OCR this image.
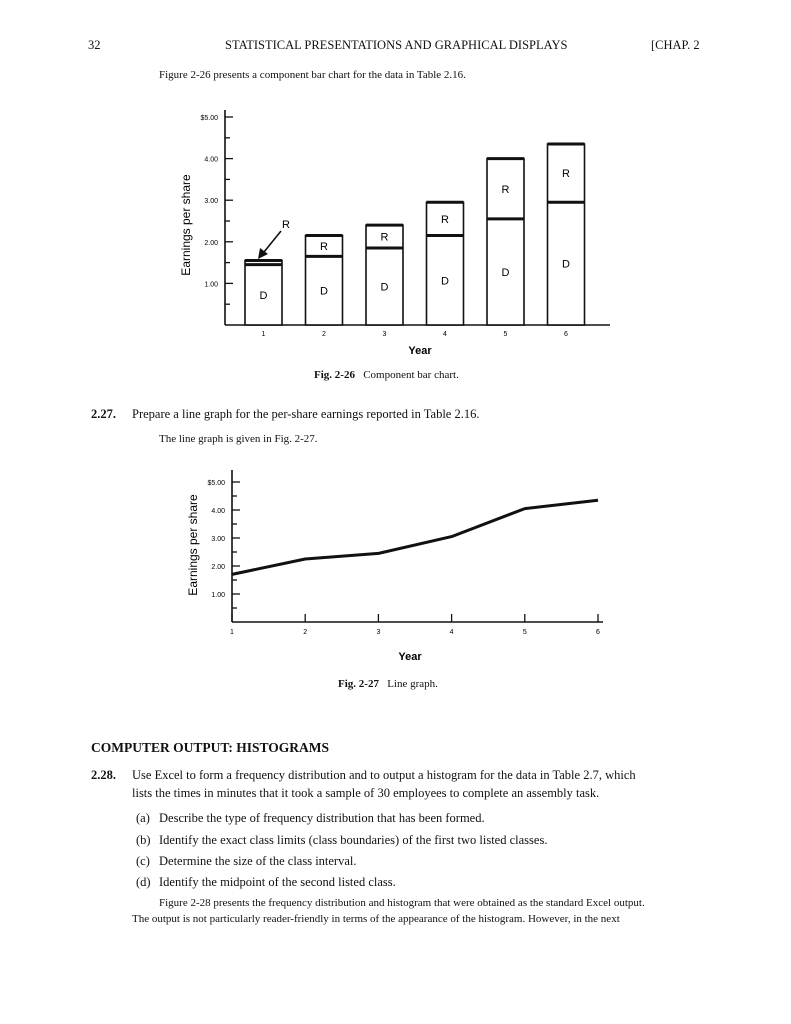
32	STATISTICAL PRESENTATIONS AND GRAPHICAL DISPLAYS	[CHAP. 2
Figure 2-26 presents a component bar chart for the data in Table 2.16.
Earnings per share
1.00
2.00
3.00
4.00
$5.00
D	D
R
D
R
D
R
D
R
D
R
1	2	3	4	5	6
R
Year
Fig. 2-26 Component bar chart.
2.27. Prepare a line graph for the per-share earnings reported in Table 2.16.
The line graph is given in Fig. 2-27.
Earnings per share 1.00
2.00
3.00
4.00
$5.00
1	2	3	4	5	6
Year
Fig. 2-27 Line graph.
COMPUTER OUTPUT: HISTOGRAMS
2.28. Use Excel to form a frequency distribution and to output a histogram for the data in Table 2.7, which
lists the times in minutes that it took a sample of 30 employees to complete an assembly task.
(a) Describe the type of frequency distribution that has been formed.
(b) Identify the exact class limits (class boundaries) of the first two listed classes.
(c) Determine the size of the class interval.
(d) Identify the midpoint of the second listed class.
Figure 2-28 presents the frequency distribution and histogram that were obtained as the standard Excel output.
The output is not particularly reader-friendly in terms of the appearance of the histogram. However, in the next
